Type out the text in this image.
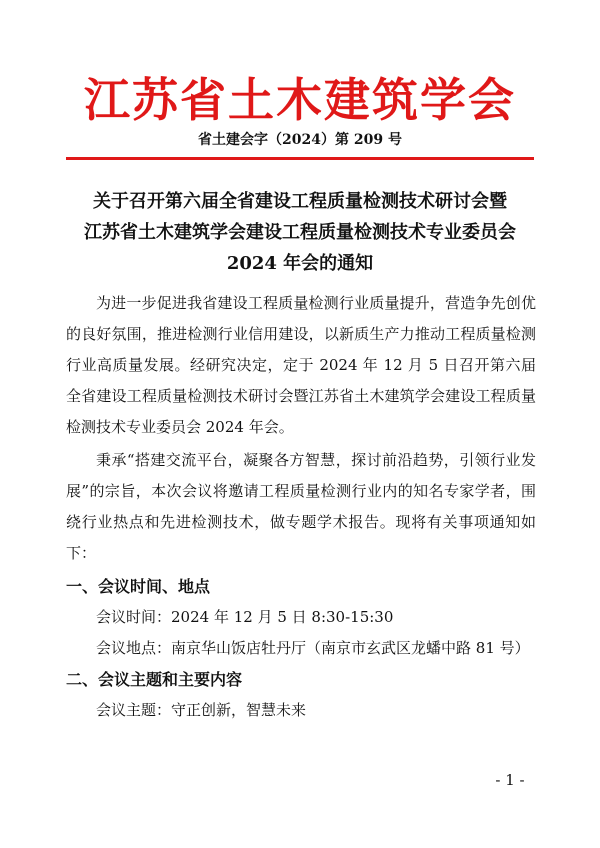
江苏省土木建筑学会
省土建会字（2024）第 209 号
关于召开第六届全省建设工程质量检测技术研讨会暨
江苏省土木建筑学会建设工程质量检测技术专业委员会
2024 年会的通知

为进一步促进我省建设工程质量检测行业质量提升，营造争先创优的良好氛围，推进检测行业信用建设，以新质生产力推动工程质量检测行业高质量发展。经研究决定，定于 2024 年 12 月 5 日召开第六届全省建设工程质量检测技术研讨会暨江苏省土木建筑学会建设工程质量检测技术专业委员会 2024 年会。

秉承“搭建交流平台，凝聚各方智慧，探讨前沿趋势，引领行业发展”的宗旨，本次会议将邀请工程质量检测行业内的知名专家学者，围绕行业热点和先进检测技术，做专题学术报告。现将有关事项通知如下：

一、会议时间、地点

会议时间：2024 年 12 月 5 日 8:30-15:30

会议地点：南京华山饭店牡丹厅（南京市玄武区龙蟠中路 81 号）

二、会议主题和主要内容

会议主题：守正创新，智慧未来

- 1 -
